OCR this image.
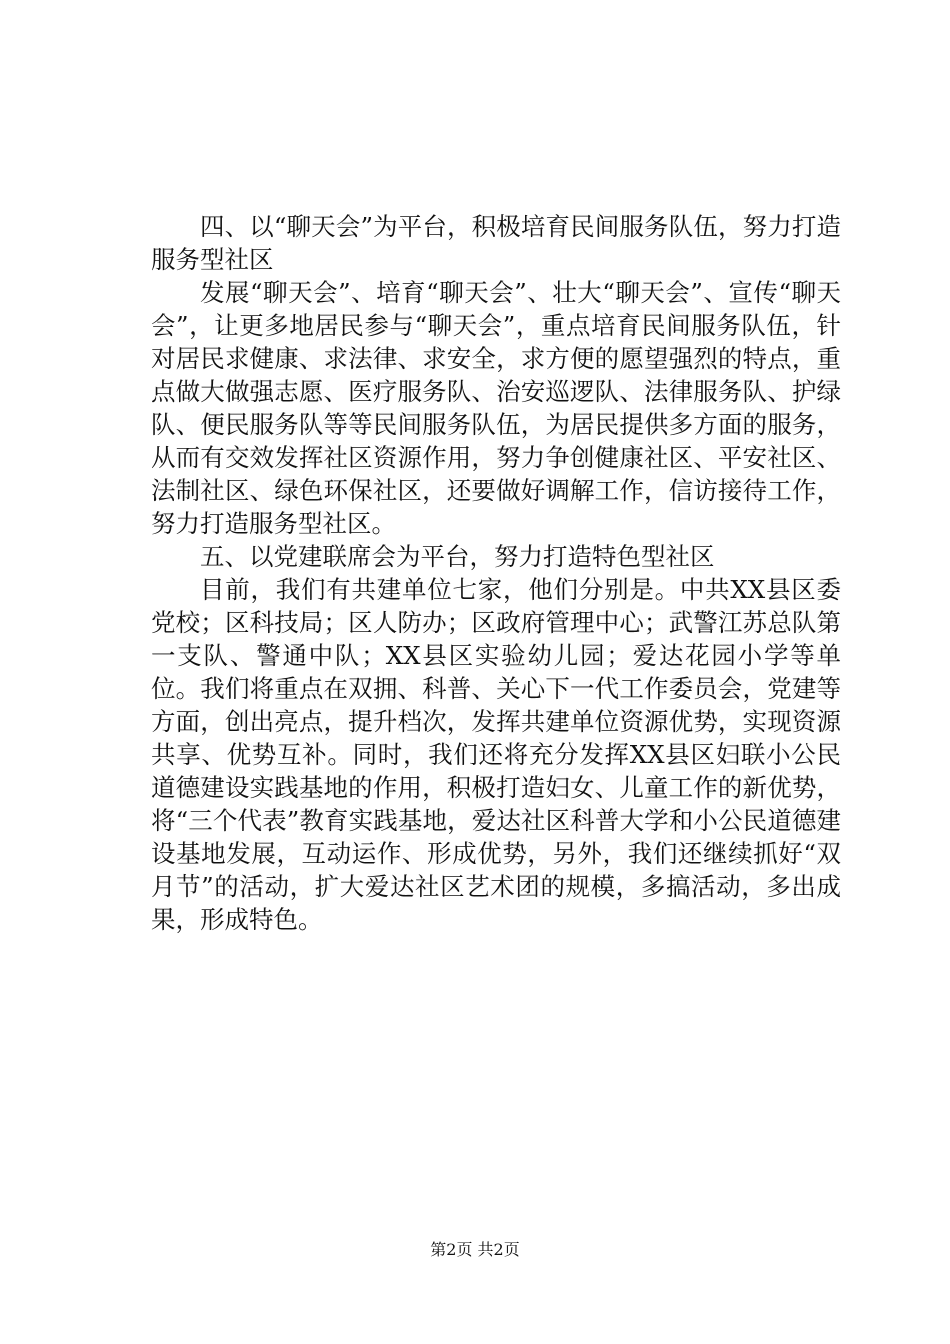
四、以“聊天会”为平台，积极培育民间服务队伍，努力打造服务型社区

发展“聊天会”、培育“聊天会”、壮大“聊天会”、宣传“聊天会”，让更多地居民参与“聊天会”，重点培育民间服务队伍，针对居民求健康、求法律、求安全，求方便的愿望强烈的特点，重点做大做强志愿、医疗服务队、治安巡逻队、法律服务队、护绿队、便民服务队等等民间服务队伍，为居民提供多方面的服务，从而有交效发挥社区资源作用，努力争创健康社区、平安社区、法制社区、绿色环保社区，还要做好调解工作，信访接待工作，努力打造服务型社区。

五、以党建联席会为平台，努力打造特色型社区

目前，我们有共建单位七家，他们分别是。中共XX县区委党校；区科技局；区人防办；区政府管理中心；武警江苏总队第一支队、警通中队；XX县区实验幼儿园；爱达花园小学等单位。我们将重点在双拥、科普、关心下一代工作委员会，党建等方面，创出亮点，提升档次，发挥共建单位资源优势，实现资源共享、优势互补。同时，我们还将充分发挥XX县区妇联小公民道德建设实践基地的作用，积极打造妇女、儿童工作的新优势，将“三个代表”教育实践基地，爱达社区科普大学和小公民道德建设基地发展，互动运作、形成优势，另外，我们还继续抓好“双月节”的活动，扩大爱达社区艺术团的规模，多搞活动，多出成果，形成特色。

第2页 共2页
